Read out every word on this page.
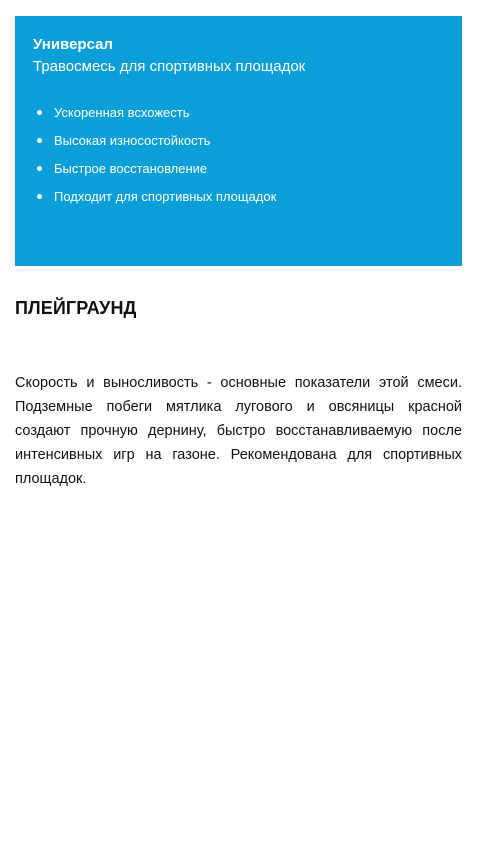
Универсал
Травосмесь для спортивных площадок
Ускоренная всхожесть
Высокая износостойкость
Быстрое восстановление
Подходит для спортивных площадок
ПЛЕЙГРАУНД

Скорость и выносливость - основные показатели этой смеси. Подземные побеги мятлика лугового и овсяницы красной создают прочную дернину, быстро восстанавливаемую после интенсивных игр на газоне. Рекомендована для спортивных площадок.
